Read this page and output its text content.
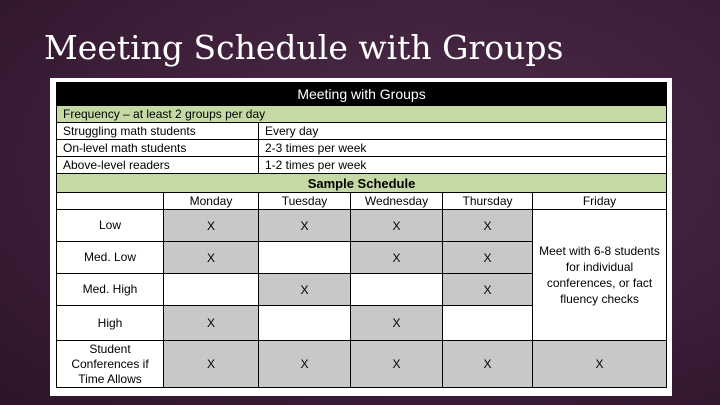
Meeting Schedule with Groups
Meeting with Groups					
Frequency – at least 2 groups per day					
Struggling math students		Every day			
On-level math students		2-3 times per week			
Above-level readers		1-2 times per week			
Sample Schedule					
	Monday	Tuesday	Wednesday	Thursday	Friday
Low	X	X	X	X	Meet with 6-8 students for individual conferences, or fact fluency checks
Med. Low	X		X	X	
Med. High		X		X	
High	X		X		
Student Conferences if Time Allows	X	X	X	X	X
